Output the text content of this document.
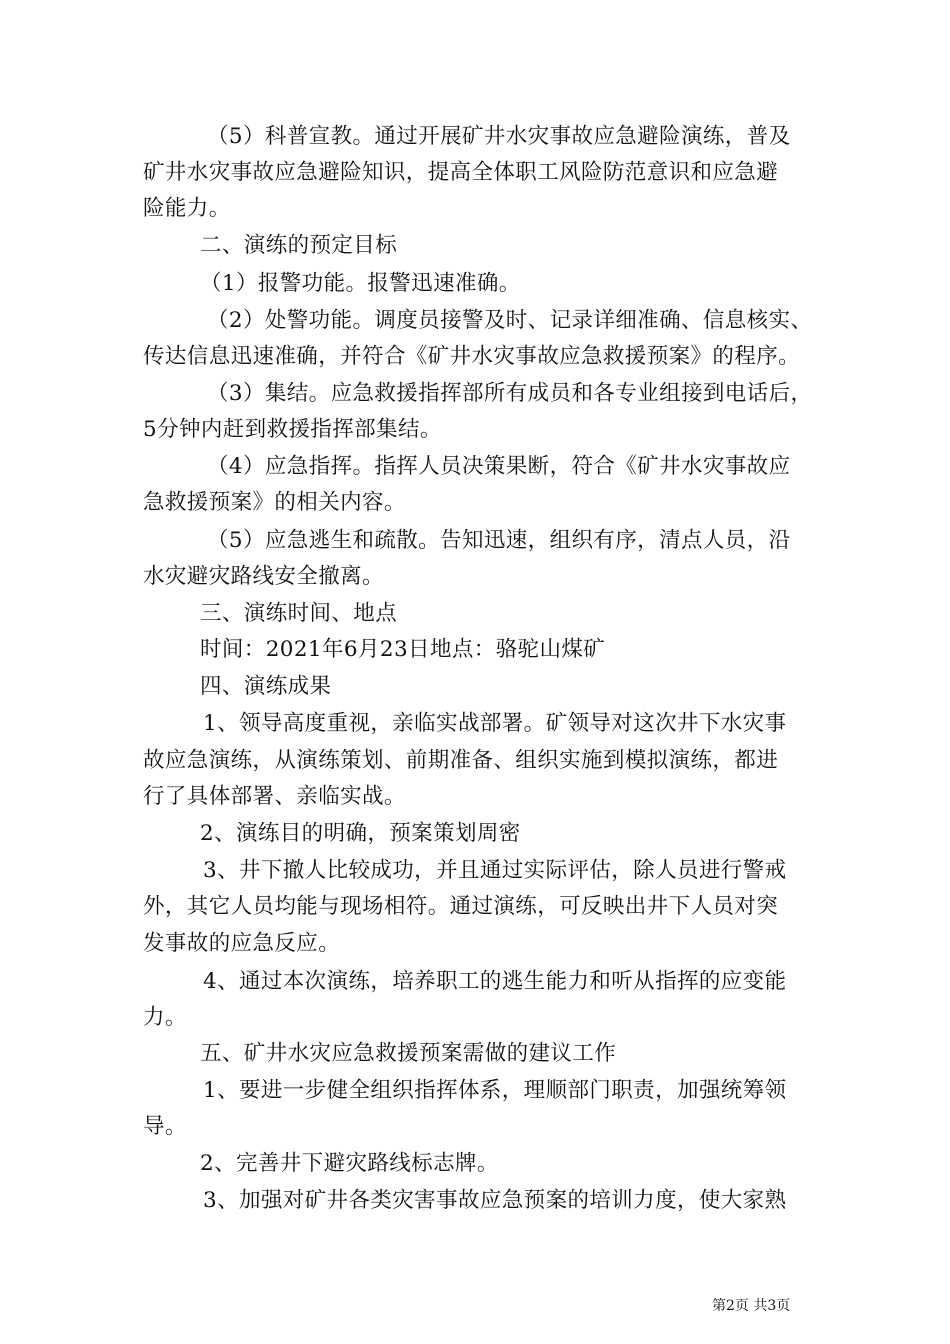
（5）科普宣教。通过开展矿井水灾事故应急避险演练，普及
矿井水灾事故应急避险知识，提高全体职工风险防范意识和应急避
险能力。
二、演练的预定目标
（1）报警功能。报警迅速准确。
（2）处警功能。调度员接警及时、记录详细准确、信息核实、
传达信息迅速准确，并符合《矿井水灾事故应急救援预案》的程序。
（3）集结。应急救援指挥部所有成员和各专业组接到电话后，
5分钟内赶到救援指挥部集结。
（4）应急指挥。指挥人员决策果断，符合《矿井水灾事故应
急救援预案》的相关内容。
（5）应急逃生和疏散。告知迅速，组织有序，清点人员，沿
水灾避灾路线安全撤离。
三、演练时间、地点
时间：2021年6月23日地点：骆驼山煤矿
四、演练成果
1、领导高度重视，亲临实战部署。矿领导对这次井下水灾事
故应急演练，从演练策划、前期准备、组织实施到模拟演练，都进
行了具体部署、亲临实战。
2、演练目的明确，预案策划周密
3、井下撤人比较成功，并且通过实际评估，除人员进行警戒
外，其它人员均能与现场相符。通过演练，可反映出井下人员对突
发事故的应急反应。
4、通过本次演练，培养职工的逃生能力和听从指挥的应变能
力。
五、矿井水灾应急救援预案需做的建议工作
1、要进一步健全组织指挥体系，理顺部门职责，加强统筹领
导。
2、完善井下避灾路线标志牌。
3、加强对矿井各类灾害事故应急预案的培训力度，使大家熟
第2页 共3页
